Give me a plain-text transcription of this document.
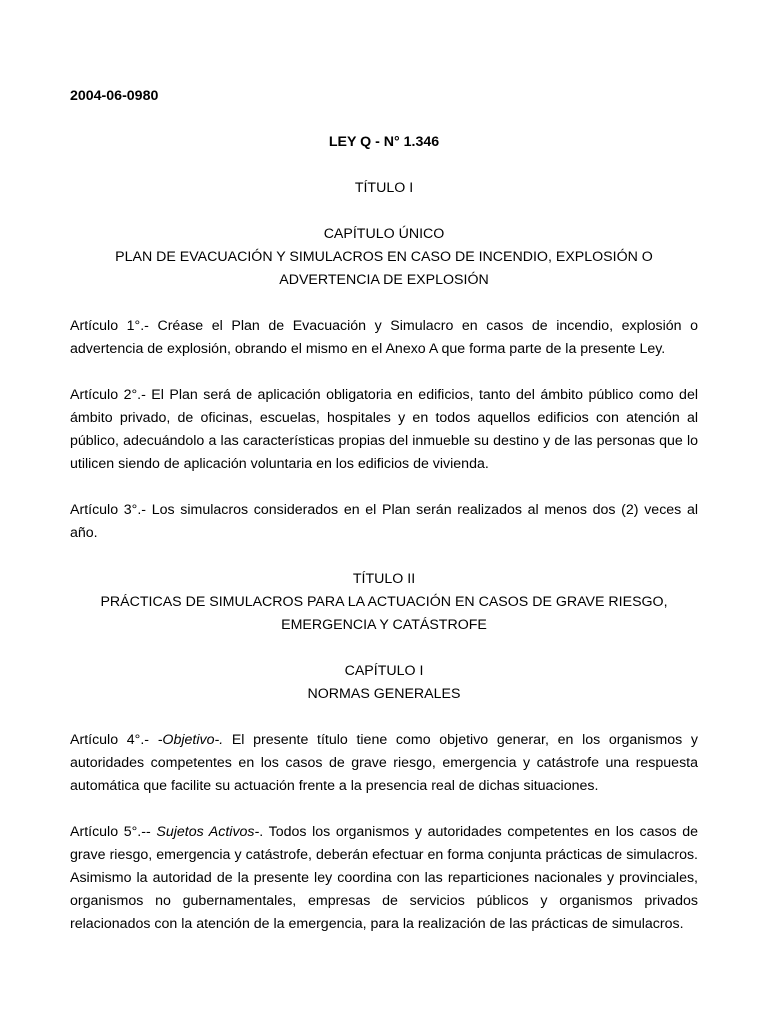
2004-06-0980

LEY Q - N° 1.346

TÍTULO I

CAPÍTULO ÚNICO

PLAN DE EVACUACIÓN Y SIMULACROS EN CASO DE INCENDIO, EXPLOSIÓN O

ADVERTENCIA DE EXPLOSIÓN

Artículo 1°.- Créase el Plan de Evacuación y Simulacro en casos de incendio, explosión o advertencia de explosión, obrando el mismo en el Anexo A que forma parte de la presente Ley.

Artículo 2°.- El Plan será de aplicación obligatoria en edificios, tanto del ámbito público como del ámbito privado, de oficinas, escuelas, hospitales y en todos aquellos edificios con atención al público, adecuándolo a las características propias del inmueble su destino y de las personas que lo utilicen siendo de aplicación voluntaria en los edificios de vivienda.

Artículo 3°.- Los simulacros considerados en el Plan serán realizados al menos dos (2) veces al año.

TÍTULO II

PRÁCTICAS DE SIMULACROS PARA LA ACTUACIÓN EN CASOS DE GRAVE RIESGO,

EMERGENCIA Y CATÁSTROFE

CAPÍTULO I

NORMAS GENERALES

Artículo 4°.- -Objetivo-. El presente título tiene como objetivo generar, en los organismos y autoridades competentes en los casos de grave riesgo, emergencia y catástrofe una respuesta automática que facilite su actuación frente a la presencia real de dichas situaciones.

Artículo 5°.-- Sujetos Activos-. Todos los organismos y autoridades competentes en los casos de grave riesgo, emergencia y catástrofe, deberán efectuar en forma conjunta prácticas de simulacros. Asimismo la autoridad de la presente ley coordina con las reparticiones nacionales y provinciales, organismos no gubernamentales, empresas de servicios públicos y organismos privados relacionados con la atención de la emergencia, para la realización de las prácticas de simulacros.
